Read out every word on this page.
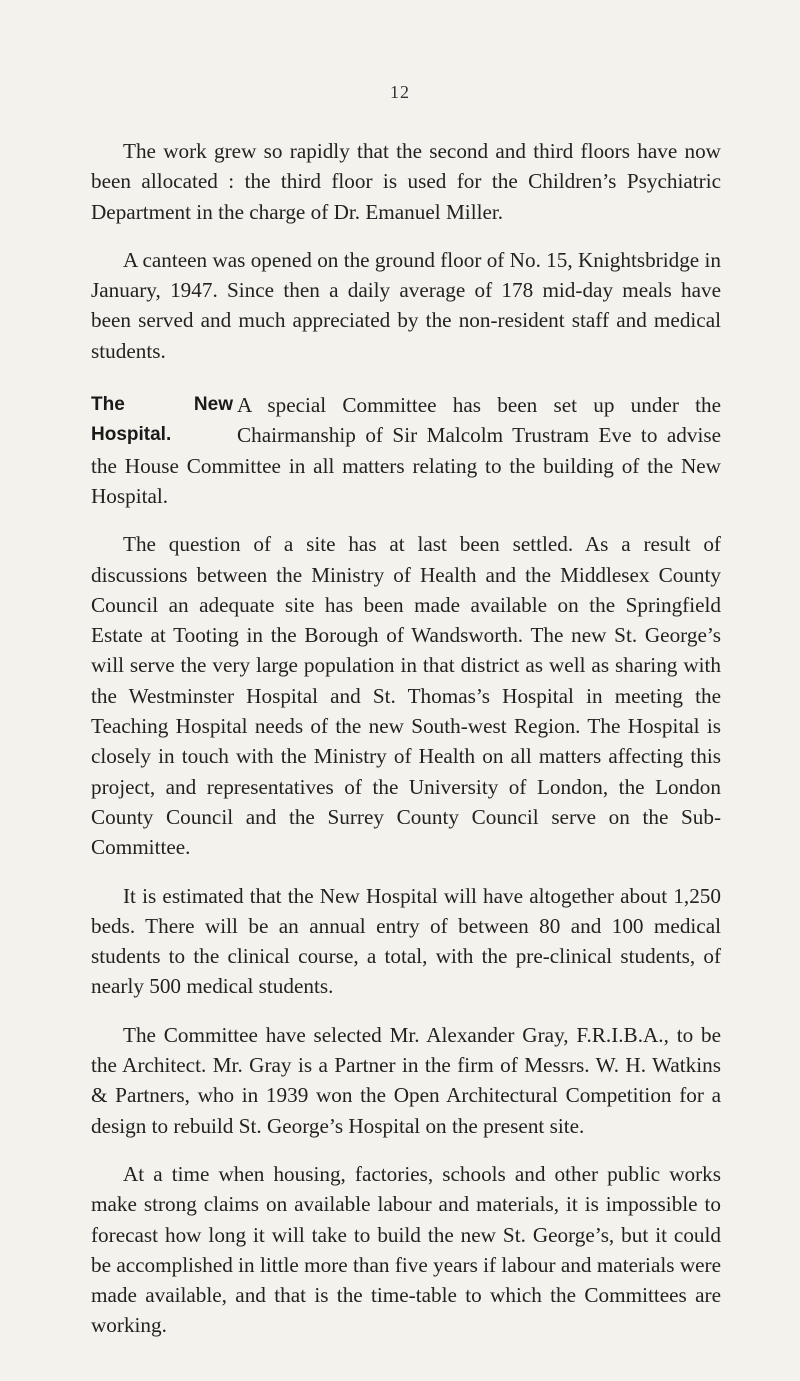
12

The work grew so rapidly that the second and third floors have now been allocated : the third floor is used for the Children’s Psychiatric Department in the charge of Dr. Emanuel Miller.

A canteen was opened on the ground floor of No. 15, Knightsbridge in January, 1947. Since then a daily average of 178 mid-day meals have been served and much appreciated by the non-resident staff and medical students.

The New Hospital.

A special Committee has been set up under the Chairmanship of Sir Malcolm Trustram Eve to advise the House Committee in all matters relating to the building of the New Hospital.

The question of a site has at last been settled. As a result of discussions between the Ministry of Health and the Middlesex County Council an adequate site has been made available on the Springfield Estate at Tooting in the Borough of Wandsworth. The new St. George’s will serve the very large population in that district as well as sharing with the Westminster Hospital and St. Thomas’s Hospital in meeting the Teaching Hospital needs of the new South-west Region. The Hospital is closely in touch with the Ministry of Health on all matters affecting this project, and representatives of the University of London, the London County Council and the Surrey County Council serve on the Sub-Committee.

It is estimated that the New Hospital will have altogether about 1,250 beds. There will be an annual entry of between 80 and 100 medical students to the clinical course, a total, with the pre-clinical students, of nearly 500 medical students.

The Committee have selected Mr. Alexander Gray, F.R.I.B.A., to be the Architect. Mr. Gray is a Partner in the firm of Messrs. W. H. Watkins & Partners, who in 1939 won the Open Architectural Competition for a design to rebuild St. George’s Hospital on the present site.

At a time when housing, factories, schools and other public works make strong claims on available labour and materials, it is impossible to forecast how long it will take to build the new St. George’s, but it could be accomplished in little more than five years if labour and materials were made available, and that is the time-table to which the Committees are working.
